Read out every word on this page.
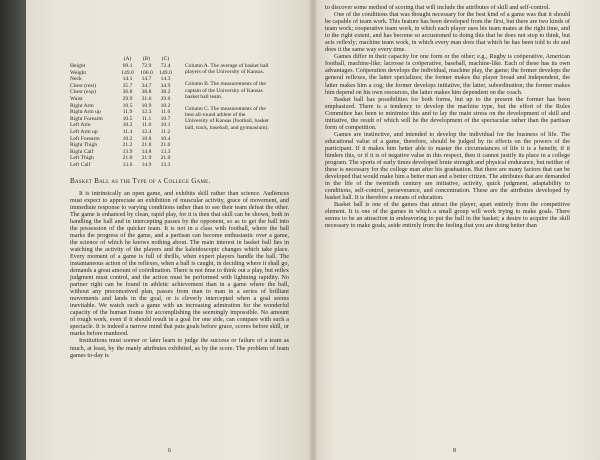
Height
Weight
Neck
Chest (rest)
Chest (exp)
Waist
Right Arm
Right Arm up
Right Forearm
Left Arm
Left Arm up
Left Forearm
Right Thigh
Right Calf
Left Thigh
Left Calf
(A)
69.1
149.0
14.1
35.7
36.8
29.9
10.5
11.9
10.5
10.2
11.4
10.2
21.2
13.9
21.0
13.6
(B)
72.9
166.0
14.7
34.7
38.8
31.6
10.9
12.3
11.1
11.0
12.4
10.8
21.8
14.8
21.9
14.9
(C)
72.4
149.0
14.3
34.9
38.2
29.0
10.2
11.6
10.7
10.1
11.2
10.4
21.0
13.3
21.0
13.3
Column A. The average of basket ball players of the University of Kansas.
Column B. The measurements of the captain of the University of Kansas basket ball team.
Column C. The measurements of the best all-round athlete of the University of Kansas (football, basket ball, track, baseball, and gymnasium).
Basket Ball as the Type of a College Game.

It is intrinsically an open game, and exhibits skill rather than science. Audiences must expect to appreciate an exhibition of muscular activity, grace of movement, and immediate response to varying conditions rather than to see their team defeat the other. The game is enhanced by clean, rapid play, for it is then that skill can be shown, both in handling the ball and in intercepting passes by the opponent, so as to get the ball into the possession of the quicker team. It is not in a class with football, where the ball marks the progress of the game, and a partisan can become enthusiastic over a game, the science of which he knows nothing about. The main interest in basket ball lies in watching the activity of the players and the kaleidoscopic changes which take place. Every moment of a game is full of thrills, when expert players handle the ball. The instantaneous action of the reflexes, when a ball is caught, in deciding where it shall go, demands a great amount of coördination. There is not time to think out a play, but reflex judgment must control, and the action must be performed with lightning rapidity. No partner right can be found in athletic achievement than in a game where the ball, without any preconceived plan, passes from man to man in a series of brilliant movements and lands in the goal, or is cleverly intercepted when a goal seems inevitable. We watch such a game with an increasing admiration for the wonderful capacity of the human frame for accomplishing the seemingly impossible. No amount of rough work, even if it should result in a goal for one side, can compare with such a spectacle. It is indeed a narrow mind that puts goals before grace, scores before skill, or marks before manhood.

Institutions must sooner or later learn to judge the success or failure of a team as much, at least, by the manly attributes exhibited, as by the score. The problem of team games to-day is

6

to discover some method of scoring that will include the attributes of skill and self-control.

One of the conditions that was thought necessary for the best kind of a game was that it should be capable of team work. This feature has been developed from the first, but there are two kinds of team work; cooperative team work, in which each player uses his team mates at the right time, and to the right extent, and has become so accustomed to doing this that he does not stop to think, but acts reflexly; machine team work, in which every man does that which he has been told to do and does it the same way every time.

Games differ in their capacity for one form or the other; e.g., Rugby is coöperative, American football, machine-like; lacrosse is coöperative, baseball, machine-like. Each of these has its own advantages. Coöperation develops the individual, machine play, the game; the former develops the general reflexes, the latter specializes; the former makes the player broad and independent, the latter makes him a cog; the former develops initiative, the latter, subordination; the former makes him depend on his own resources, the latter makes him dependent on the coach.

Basket ball has possibilities for both forms, but up to the present the former has been emphasized. There is a tendency to develop the machine type, but the effort of the Rules Committee has been to minimize this and to lay the main stress on the development of skill and initiative, the result of which will be the development of the spectacular rather than the partisan form of competition.

Games are instinctive, and intended to develop the individual for the business of life. The educational value of a game, therefore, should be judged by its effects on the powers of the participant. If it makes him better able to master the circumstances of life it is a benefit; if it hinders this, or if it is of negative value in this respect, then it cannot justify its place in a college program. The sports of early times developed brute strength and physical endurance, but neither of these is necessary for the college man after his graduation. But there are many factors that can be developed that would make him a better man and a better citizen. The attributes that are demanded in the life of the twentieth century are initiative, activity, quick judgment, adaptability to conditions, self-control, perseverance, and concentration. These are the attributes developed by basket ball. It is therefore a means of education.

Basket ball is one of the games that attract the player, apart entirely from the competitive element. It is one of the games in which a small group will work trying to make goals. There seems to be an attraction in endeavoring to put the ball in the basket; a desire to acquire the skill necessary to make goals, aside entirely from the feeling that you are doing better than

8
